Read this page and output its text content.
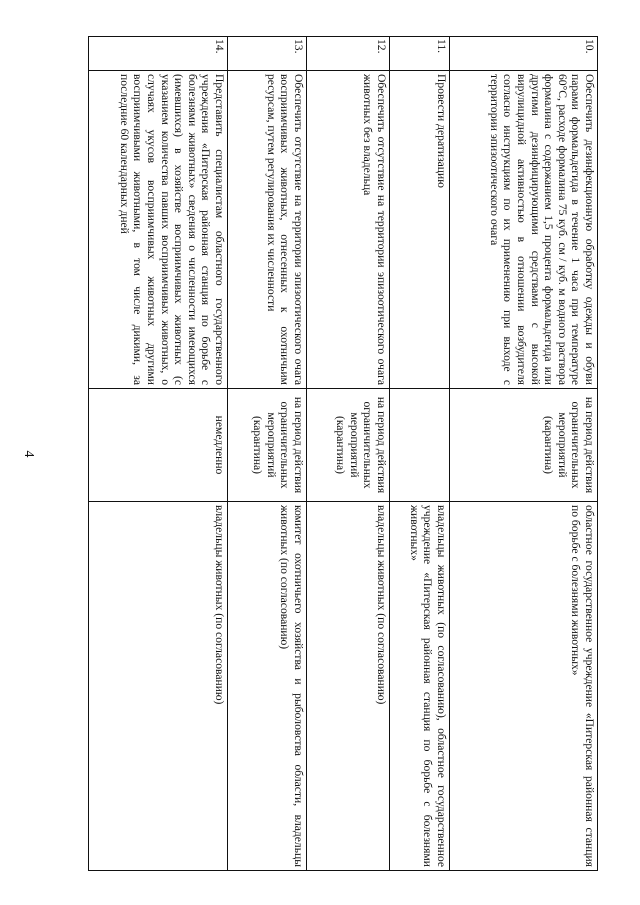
4
10.	Обеспечить дезинфекционную обработку одежды и обуви парами формальдегида в течение 1 часа при температуре 60°С, расходе формалина 75 куб. см / куб. м водного раствора формалина с содержанием 1,5 процента формальдегида или другими дезинфицирующими средствами с высокой вирулицидной активностью в отношении возбудителя согласно инструкциям по их применению при выходе с территории эпизоотического очага	на период действия ограничительных мероприятий (карантина)	областное государственное учреждение «Питерская районная станция по борьбе с болезнями животных»
11.	Провести дератизацию		владельцы животных (по согласованию), областное государственное учреждение «Питерская районная станция по борьбе с болезнями животных»
12.	Обеспечить отсутствие на территории эпизоотического очага животных без владельца	на период действия ограничительных мероприятий (карантина)	владельцы животных (по согласованию)
13.	Обеспечить отсутствие на территории эпизоотического очага восприимчивых животных, отнесенных к охотничьим ресурсам, путем регулирования их численности	на период действия ограничительных мероприятий (карантина)	комитет охотничьего хозяйства и рыболовства области, владельцы животных (по согласованию)
14.	Представить специалистам областного государственного учреждения «Питерская районная станция по борьбе с болезнями животных» сведения о численности имеющихся (имевшихся) в хозяйстве восприимчивых животных (с указанием количества павших восприимчивых животных, о случаях укусов восприимчивых животных другими восприимчивыми животными, в том числе дикими, за последние 60 календарных дней	немедленно	владельцы животных (по согласованию)
